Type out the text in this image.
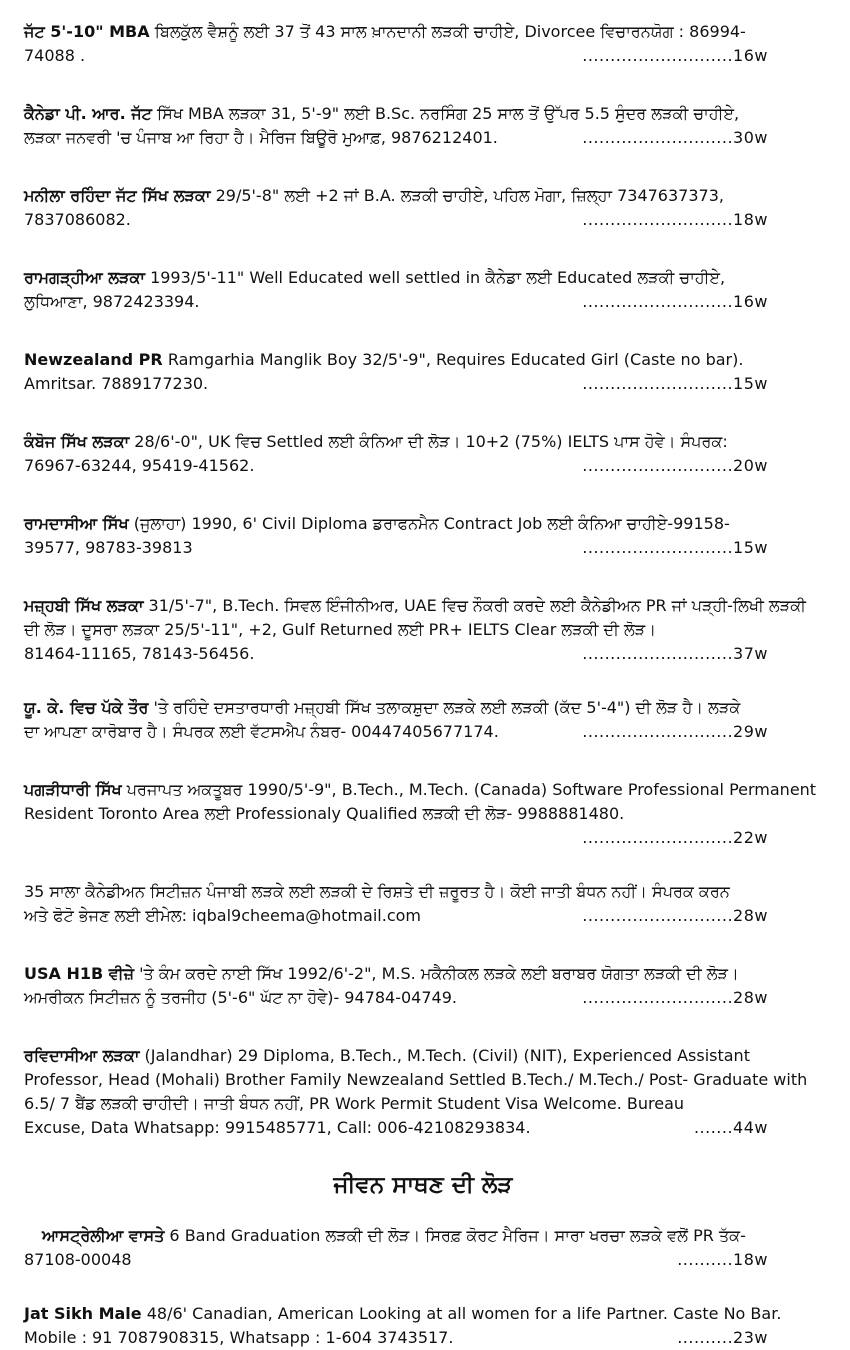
ਜੱਟ 5'-10" MBA ਬਿਲਕੁੱਲ ਵੈਸ਼ਨੂੰ ਲਈ 37 ਤੋਂ 43 ਸਾਲ ਖ਼ਾਨਦਾਨੀ ਲੜਕੀ ਚਾਹੀਏ, Divorcee ਵਿਚਾਰਨਯੋਗ : 86994-
74088 .	...........................16w
ਕੈਨੇਡਾ ਪੀ. ਆਰ. ਜੱਟ ਸਿੱਖ MBA ਲੜਕਾ 31, 5'-9" ਲਈ B.Sc. ਨਰਸਿੰਗ 25 ਸਾਲ ਤੋਂ ਉੱਪਰ 5.5 ਸੁੰਦਰ ਲੜਕੀ ਚਾਹੀਏ,
ਲੜਕਾ ਜਨਵਰੀ 'ਚ ਪੰਜਾਬ ਆ ਰਿਹਾ ਹੈ। ਮੈਰਿਜ ਬਿਊਰੋ ਮੁਆਫ਼, 9876212401.	...........................30w
ਮਨੀਲਾ ਰਹਿੰਦਾ ਜੱਟ ਸਿੱਖ ਲੜਕਾ 29/5'-8" ਲਈ +2 ਜਾਂ B.A. ਲੜਕੀ ਚਾਹੀਏ, ਪਹਿਲ ਮੋਗਾ, ਜ਼ਿਲ੍ਹਾ 7347637373,
7837086082.	...........................18w
ਰਾਮਗੜ੍ਹੀਆ ਲੜਕਾ 1993/5'-11" Well Educated well settled in ਕੈਨੇਡਾ ਲਈ Educated ਲੜਕੀ ਚਾਹੀਏ,
ਲੁਧਿਆਣਾ, 9872423394.	...........................16w
Newzealand PR Ramgarhia Manglik Boy 32/5'-9", Requires Educated Girl (Caste no bar).
Amritsar. 7889177230.	...........................15w
ਕੰਬੋਜ ਸਿੱਖ ਲੜਕਾ 28/6'-0", UK ਵਿਚ Settled ਲਈ ਕੰਨਿਆ ਦੀ ਲੋੜ। 10+2 (75%) IELTS ਪਾਸ ਹੋਵੇ। ਸੰਪਰਕ:
76967-63244, 95419-41562.	...........................20w
ਰਾਮਦਾਸੀਆ ਸਿੱਖ (ਜੁਲਾਹਾ) 1990, 6' Civil Diploma ਡਰਾਫਨਮੈਨ Contract Job ਲਈ ਕੰਨਿਆ ਚਾਹੀਏ-99158-
39577, 98783-39813	...........................15w
ਮਜ਼੍ਹਬੀ ਸਿੱਖ ਲੜਕਾ 31/5'-7", B.Tech. ਸਿਵਲ ਇੰਜੀਨੀਅਰ, UAE ਵਿਚ ਨੌਕਰੀ ਕਰਦੇ ਲਈ ਕੈਨੇਡੀਅਨ PR ਜਾਂ ਪੜ੍ਹੀ-ਲਿਖੀ ਲੜਕੀ ਦੀ ਲੋੜ। ਦੂਸਰਾ ਲੜਕਾ 25/5'-11", +2, Gulf Returned ਲਈ PR+ IELTS Clear ਲੜਕੀ ਦੀ ਲੋੜ।
81464-11165, 78143-56456.	...........................37w
ਯੂ. ਕੇ. ਵਿਚ ਪੱਕੇ ਤੌਰ 'ਤੇ ਰਹਿੰਦੇ ਦਸਤਾਰਧਾਰੀ ਮਜ਼੍ਹਬੀ ਸਿੱਖ ਤਲਾਕਸ਼ੁਦਾ ਲੜਕੇ ਲਈ ਲੜਕੀ (ਕੱਦ 5'-4") ਦੀ ਲੋੜ ਹੈ। ਲੜਕੇ
ਦਾ ਆਪਣਾ ਕਾਰੋਬਾਰ ਹੈ। ਸੰਪਰਕ ਲਈ ਵੱਟਸਐਪ ਨੰਬਰ- 00447405677174.	...........................29w
ਪਗੜੀਧਾਰੀ ਸਿੱਖ ਪਰਜਾਪਤ ਅਕਤੂਬਰ 1990/5'-9", B.Tech., M.Tech. (Canada) Software Professional Permanent Resident Toronto Area ਲਈ Professionaly Qualified ਲੜਕੀ ਦੀ ਲੋੜ- 9988881480.
...........................22w
35 ਸਾਲਾ ਕੈਨੇਡੀਅਨ ਸਿਟੀਜ਼ਨ ਪੰਜਾਬੀ ਲੜਕੇ ਲਈ ਲੜਕੀ ਦੇ ਰਿਸ਼ਤੇ ਦੀ ਜ਼ਰੂਰਤ ਹੈ। ਕੋਈ ਜਾਤੀ ਬੰਧਨ ਨਹੀਂ। ਸੰਪਰਕ ਕਰਨ
ਅਤੇ ਫੋਟੋ ਭੇਜਣ ਲਈ ਈਮੇਲ: iqbal9cheema@hotmail.com	...........................28w
USA H1B ਵੀਜ਼ੇ 'ਤੇ ਕੰਮ ਕਰਦੇ ਨਾਈ ਸਿੱਖ 1992/6'-2", M.S. ਮਕੈਨੀਕਲ ਲੜਕੇ ਲਈ ਬਰਾਬਰ ਯੋਗਤਾ ਲੜਕੀ ਦੀ ਲੋੜ।
ਅਮਰੀਕਨ ਸਿਟੀਜ਼ਨ ਨੂੰ ਤਰਜੀਹ (5'-6" ਘੱਟ ਨਾ ਹੋਵੇ)- 94784-04749.	...........................28w
ਰਵਿਦਾਸੀਆ ਲੜਕਾ (Jalandhar) 29 Diploma, B.Tech., M.Tech. (Civil) (NIT), Experienced Assistant Professor, Head (Mohali) Brother Family Newzealand Settled B.Tech./ M.Tech./ Post- Graduate with 6.5/ 7 ਬੈਂਡ ਲੜਕੀ ਚਾਹੀਦੀ। ਜਾਤੀ ਬੰਧਨ ਨਹੀਂ, PR Work Permit Student Visa Welcome. Bureau
Excuse, Data Whatsapp: 9915485771, Call: 006-42108293834.	.......44w
ਜੀਵਨ ਸਾਥਣ ਦੀ ਲੋੜ
ਆਸਟ੍ਰੇਲੀਆ ਵਾਸਤੇ 6 Band Graduation ਲੜਕੀ ਦੀ ਲੋੜ। ਸਿਰਫ਼ ਕੋਰਟ ਮੈਰਿਜ। ਸਾਰਾ ਖਰਚਾ ਲੜਕੇ ਵਲੋਂ PR ਤੱਕ-
87108-00048	..........18w
Jat Sikh Male 48/6' Canadian, American Looking at all women for a life Partner. Caste No Bar.
Mobile : 91 7087908315, Whatsapp : 1-604 3743517.	..........23w
